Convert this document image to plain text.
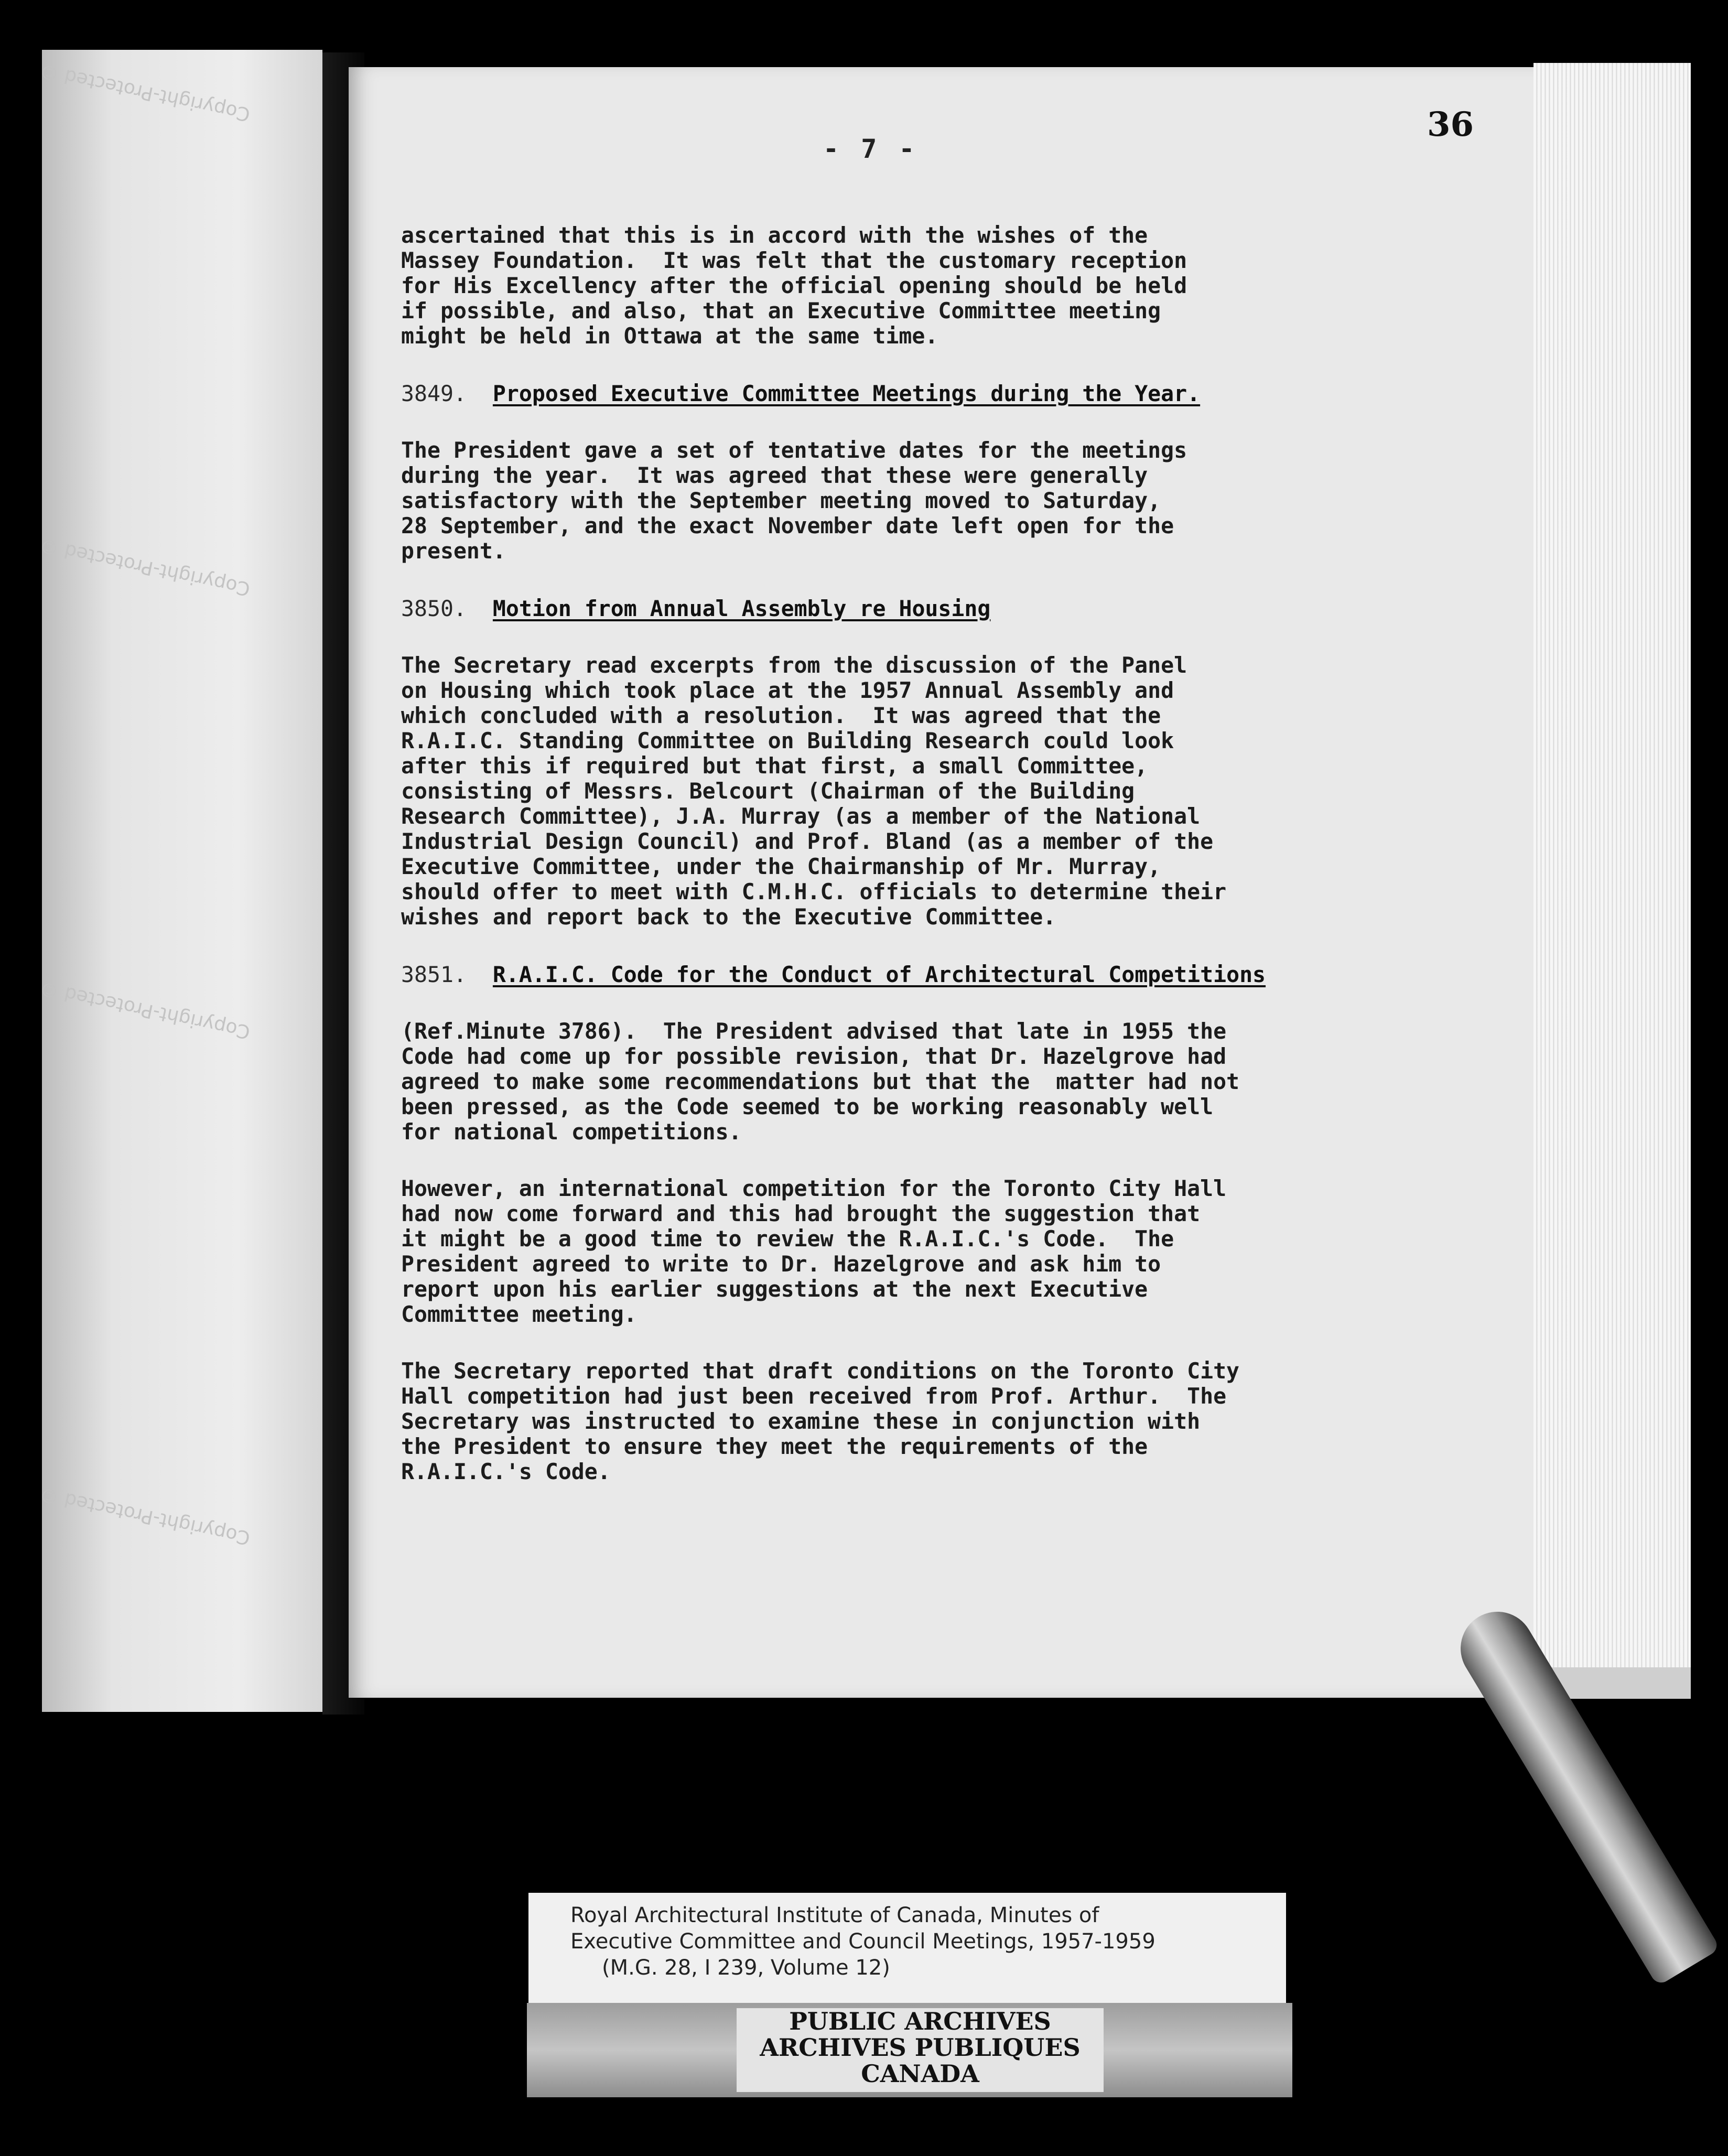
Copyright-Protected ©
Copyright-Protected ©
Copyright-Protected ©
Copyright-Protected ©
36
- 7 -

ascertained that this is in accord with the wishes of the

Massey Foundation.  It was felt that the customary reception

for His Excellency after the official opening should be held

if possible, and also, that an Executive Committee meeting

might be held in Ottawa at the same time.

3849.
Proposed Executive Committee Meetings during the Year.

The President gave a set of tentative dates for the meetings

during the year.  It was agreed that these were generally

satisfactory with the September meeting moved to Saturday,

28 September, and the exact November date left open for the

present.

3850.
Motion from Annual Assembly re Housing

The Secretary read excerpts from the discussion of the Panel

on Housing which took place at the 1957 Annual Assembly and

which concluded with a resolution.  It was agreed that the

R.A.I.C. Standing Committee on Building Research could look

after this if required but that first, a small Committee,

consisting of Messrs. Belcourt (Chairman of the Building

Research Committee), J.A. Murray (as a member of the National

Industrial Design Council) and Prof. Bland (as a member of the

Executive Committee, under the Chairmanship of Mr. Murray,

should offer to meet with C.M.H.C. officials to determine their

wishes and report back to the Executive Committee.

3851.
R.A.I.C. Code for the Conduct of Architectural Competitions

(Ref.Minute 3786).  The President advised that late in 1955 the

Code had come up for possible revision, that Dr. Hazelgrove had

agreed to make some recommendations but that the  matter had not

been pressed, as the Code seemed to be working reasonably well

for national competitions.

However, an international competition for the Toronto City Hall

had now come forward and this had brought the suggestion that

it might be a good time to review the R.A.I.C.'s Code.  The

President agreed to write to Dr. Hazelgrove and ask him to

report upon his earlier suggestions at the next Executive

Committee meeting.

The Secretary reported that draft conditions on the Toronto City

Hall competition had just been received from Prof. Arthur.  The

Secretary was instructed to examine these in conjunction with

the President to ensure they meet the requirements of the

R.A.I.C.'s Code.

Royal Architectural Institute of Canada, Minutes of
Executive Committee and Council Meetings, 1957-1959
(M.G. 28, I 239, Volume 12)
PUBLIC ARCHIVES
ARCHIVES PUBLIQUES
CANADA
